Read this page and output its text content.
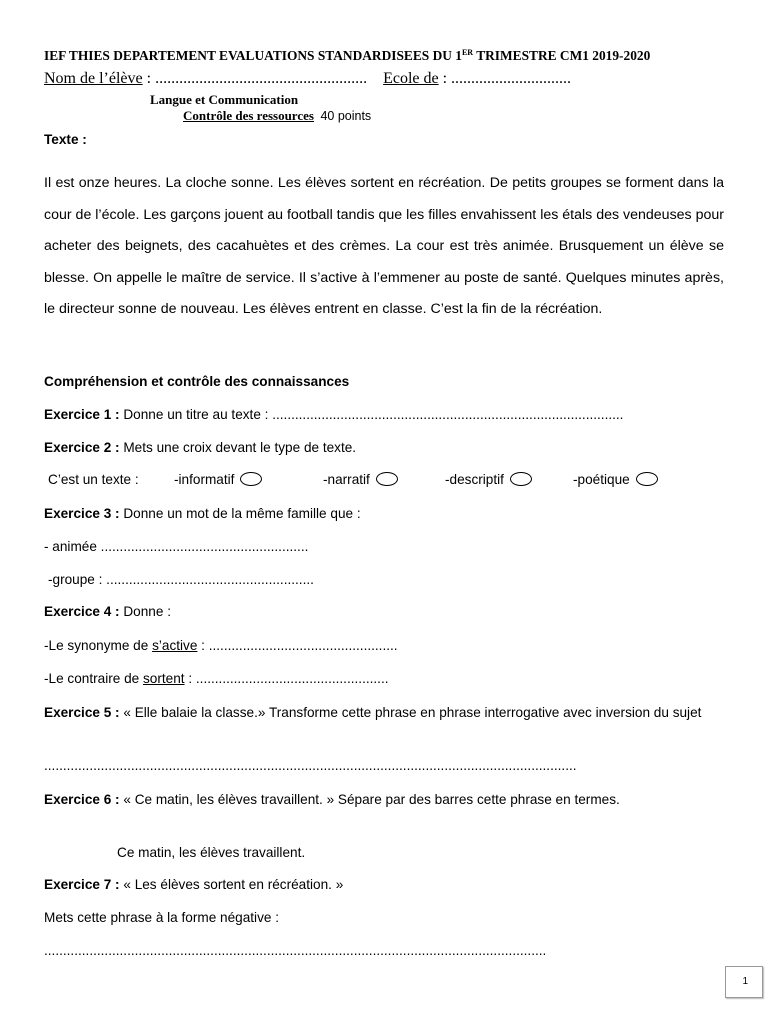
IEF THIES DEPARTEMENT EVALUATIONS STANDARDISEES DU 1ER TRIMESTRE CM1 2019-2020
Nom de l’élève : ..................................................... Ecole de : ..............................
Langue et Communication
Contrôle des ressources 40 points
Texte :
Il est onze heures. La cloche sonne. Les élèves sortent en récréation. De petits groupes se forment dans la cour de l’école. Les garçons jouent au football tandis que les filles envahissent les étals des vendeuses pour acheter des beignets, des cacahuètes et des crèmes. La cour est très animée. Brusquement un élève se blesse. On appelle le maître de service. Il s’active à l’emmener au poste de santé. Quelques minutes après, le directeur sonne de nouveau. Les élèves entrent en classe. C’est la fin de la récréation.
Compréhension et contrôle des connaissances
Exercice 1 : Donne un titre au texte : .............................................................................................
Exercice 2 : Mets une croix devant le type de texte.
C’est un texte :	-informatif	-narratif	-descriptif	-poétique
Exercice 3 : Donne un mot de la même famille que :
- animée .......................................................
-groupe : .......................................................
Exercice 4 : Donne :
-Le synonyme de s’active : ..................................................
-Le contraire de sortent : ...................................................
Exercice 5 : « Elle balaie la classe.» Transforme cette phrase en phrase interrogative avec inversion du sujet
.............................................................................................................................................
Exercice 6 : « Ce matin, les élèves travaillent. » Sépare par des barres cette phrase en termes.
Ce matin, les élèves travaillent.
Exercice 7 : « Les élèves sortent en récréation. »
Mets cette phrase à la forme négative :
.....................................................................................................................................
1
